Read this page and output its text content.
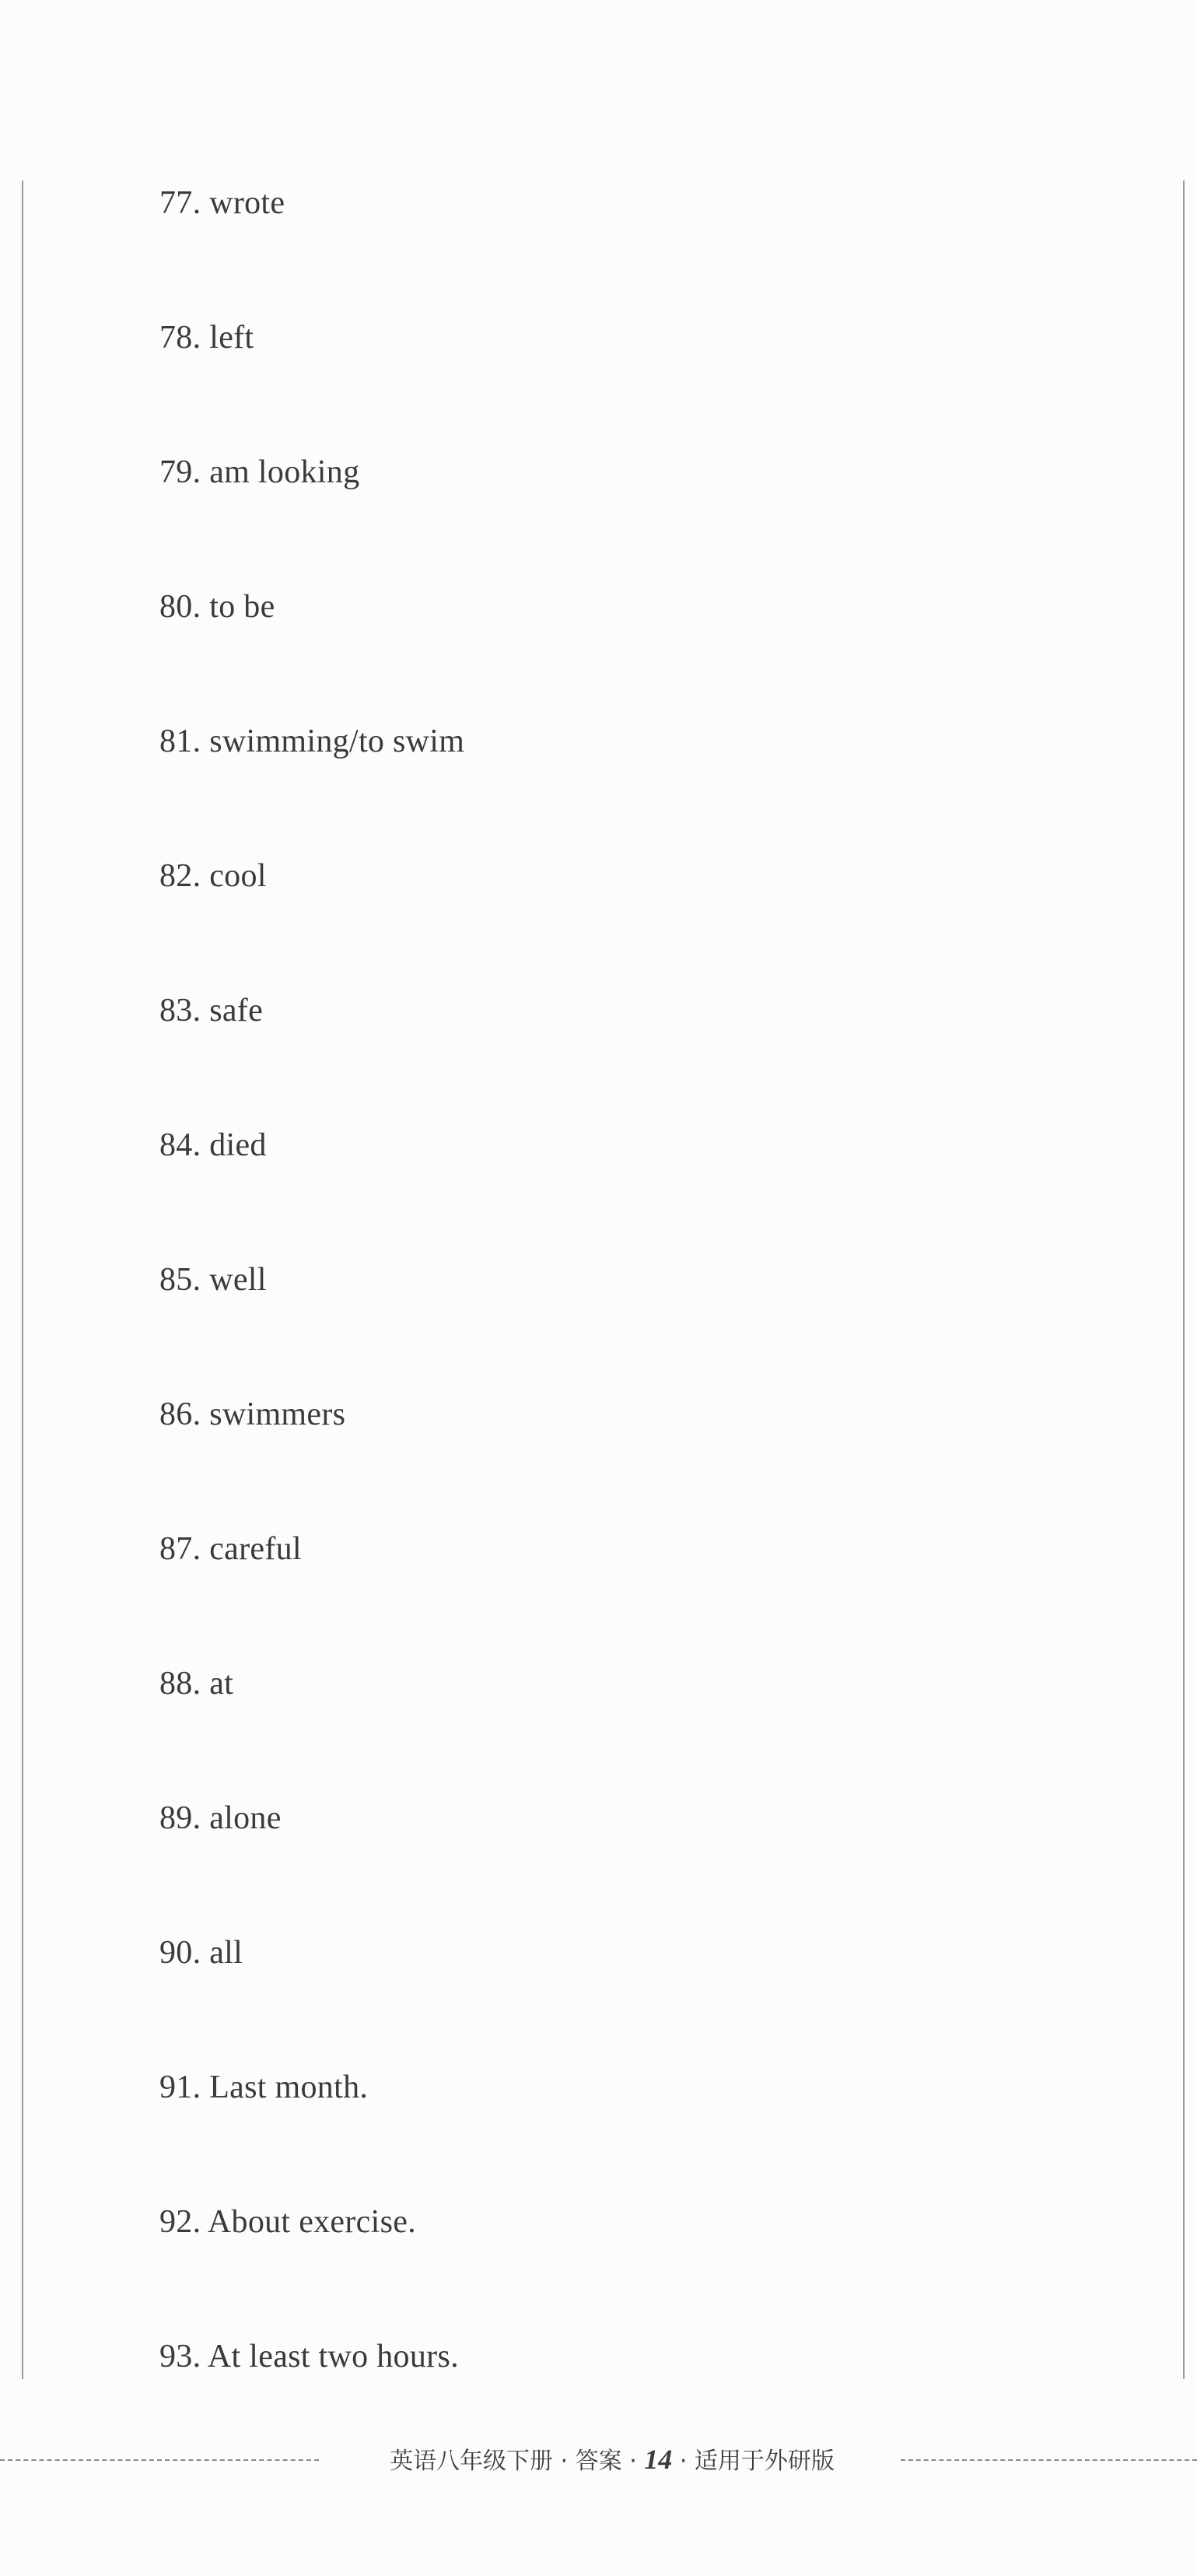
77. wrote
78. left
79. am looking
80. to be
81. swimming/to swim
82. cool
83. safe
84. died
85. well
86. swimmers
87. careful
88. at
89. alone
90. all
91. Last month.
92. About exercise.
93. At least two hours.
英语八年级下册 · 答案 · 14 · 适用于外研版
